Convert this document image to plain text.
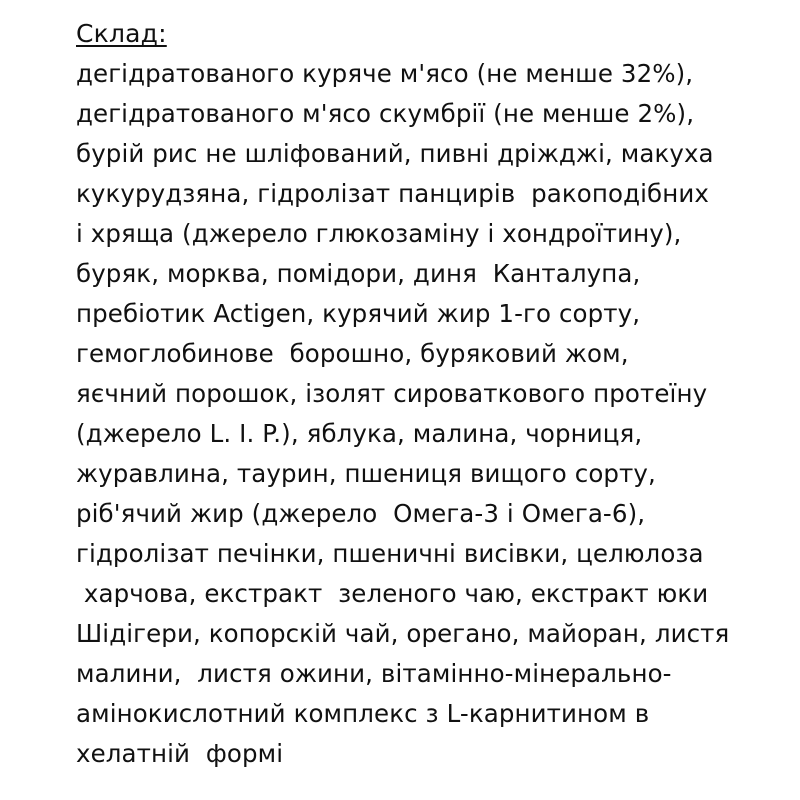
Склад:
дегідратованого куряче м'ясо (не менше 32%),
дегідратованого м'ясо скумбрії (не менше 2%),
бурій рис не шліфований, пивні дріжджі, макуха
кукурудзяна, гідролізат панцирів  ракоподібних
і хряща (джерело глюкозаміну і хондроїтину),
буряк, морква, помідори, диня  Канталупа,
пребіотик Actigen, курячий жир 1-го сорту,
гемоглобинове  борошно, буряковий жом,
яєчний порошок, ізолят сироваткового протеїну
(джерело L. I. P.), яблука, малина, чорниця,
журавлина, таурин, пшениця вищого сорту,
ріб'ячий жир (джерело  Омега-3 і Омега-6),
гідролізат печінки, пшеничні висівки, целюлоза
харчова, екстракт  зеленого чаю, екстракт юки
Шідігери, копорскій чай, орегано, майоран, листя
малини,  листя ожини, вітамінно-мінерально-
амінокислотний комплекс з L-карнитином в
хелатній  формі
